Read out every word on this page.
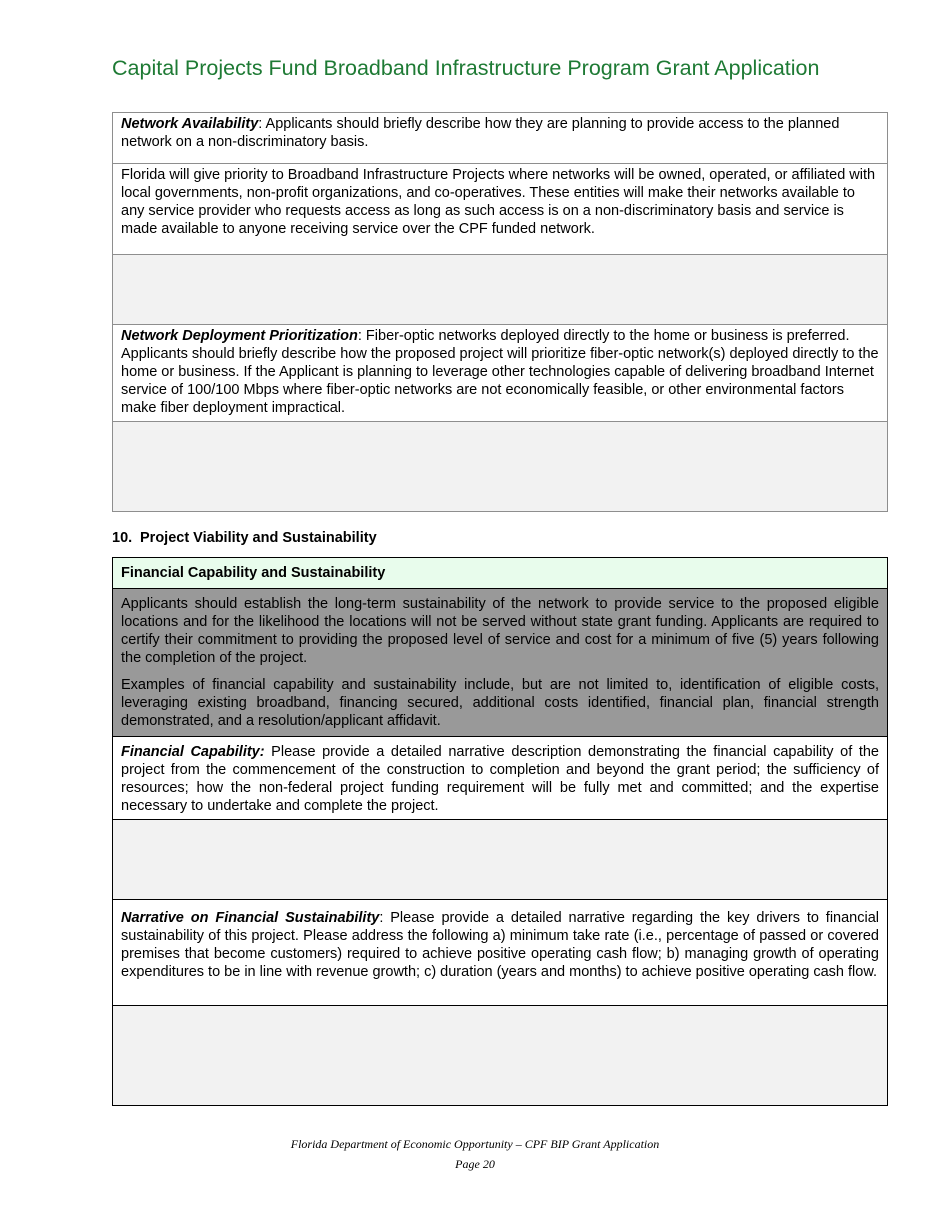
Capital Projects Fund Broadband Infrastructure Program Grant Application
Network Availability: Applicants should briefly describe how they are planning to provide access to the planned network on a non-discriminatory basis.
Florida will give priority to Broadband Infrastructure Projects where networks will be owned, operated, or affiliated with local governments, non-profit organizations, and co-operatives. These entities will make their networks available to any service provider who requests access as long as such access is on a non-discriminatory basis and service is made available to anyone receiving service over the CPF funded network.
Network Deployment Prioritization: Fiber-optic networks deployed directly to the home or business is preferred. Applicants should briefly describe how the proposed project will prioritize fiber-optic network(s) deployed directly to the home or business. If the Applicant is planning to leverage other technologies capable of delivering broadband Internet service of 100/100 Mbps where fiber-optic networks are not economically feasible, or other environmental factors make fiber deployment impractical.
10. Project Viability and Sustainability
Financial Capability and Sustainability

Applicants should establish the long-term sustainability of the network to provide service to the proposed eligible locations and for the likelihood the locations will not be served without state grant funding. Applicants are required to certify their commitment to providing the proposed level of service and cost for a minimum of five (5) years following the completion of the project.

Examples of financial capability and sustainability include, but are not limited to, identification of eligible costs, leveraging existing broadband, financing secured, additional costs identified, financial plan, financial strength demonstrated, and a resolution/applicant affidavit.

Financial Capability: Please provide a detailed narrative description demonstrating the financial capability of the project from the commencement of the construction to completion and beyond the grant period; the sufficiency of resources; how the non-federal project funding requirement will be fully met and committed; and the expertise necessary to undertake and complete the project.
Narrative on Financial Sustainability: Please provide a detailed narrative regarding the key drivers to financial sustainability of this project. Please address the following a) minimum take rate (i.e., percentage of passed or covered premises that become customers) required to achieve positive operating cash flow; b) managing growth of operating expenditures to be in line with revenue growth; c) duration (years and months) to achieve positive operating cash flow.
Florida Department of Economic Opportunity – CPF BIP Grant Application
Page 20
